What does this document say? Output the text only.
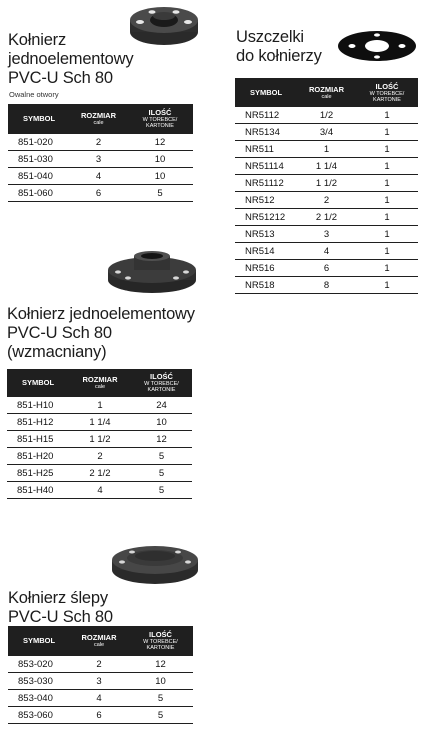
Kołnierz
jednoelementowy
PVC-U Sch 80
Owalne otwory
SYMBOL	ROZMIAR
cale	ILOŚĆ
W TOREBCE/
KARTONIE

851-020	2	12
851-030	3	10
851-040	4	10
851-060	6	5
Uszczelki
do kołnierzy
SYMBOL	ROZMIAR
cale	ILOŚĆ
W TOREBCE/
KARTONIE

NR5112	1/2	1
NR5134	3/4	1
NR511	1	1
NR51114	1 1/4	1
NR51112	1 1/2	1
NR512	2	1
NR51212	2 1/2	1
NR513	3	1
NR514	4	1
NR516	6	1
NR518	8	1
Kołnierz jednoelementowy
PVC-U Sch 80
(wzmacniany)
SYMBOL	ROZMIAR
cale	ILOŚĆ
W TOREBCE/
KARTONIE

851-H10	1	24
851-H12	1 1/4	10
851-H15	1 1/2	12
851-H20	2	5
851-H25	2 1/2	5
851-H40	4	5
Kołnierz ślepy
PVC-U Sch 80
SYMBOL	ROZMIAR
cale	ILOŚĆ
W TOREBCE/
KARTONIE

853-020	2	12
853-030	3	10
853-040	4	5
853-060	6	5
